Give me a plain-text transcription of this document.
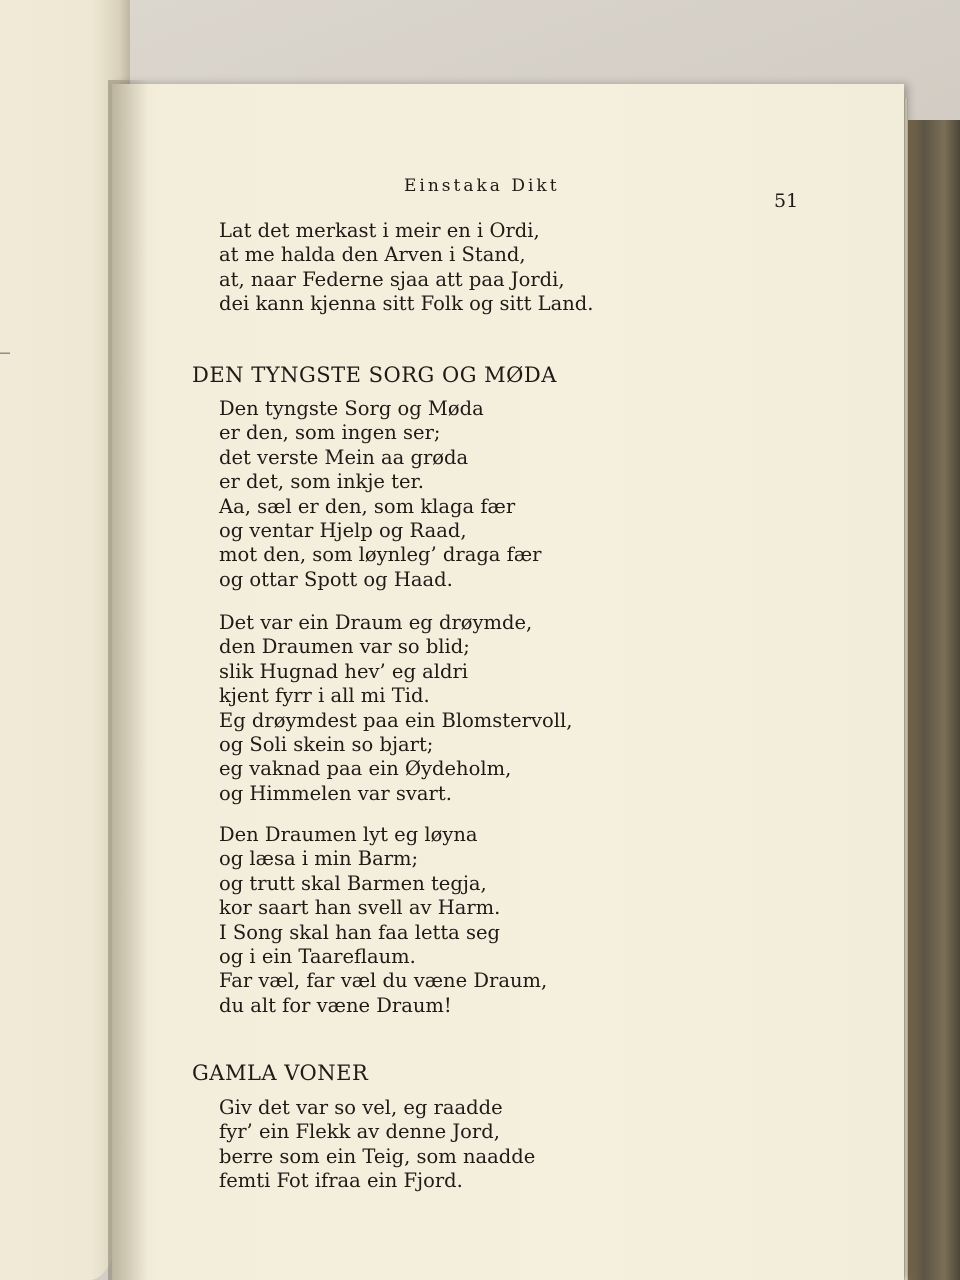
_
Einstaka Dikt
51
Lat det merkast i meir en i Ordi,
at me halda den Arven i Stand,
at, naar Federne sjaa att paa Jordi,
dei kann kjenna sitt Folk og sitt Land.
DEN TYNGSTE SORG OG MØDA
Den tyngste Sorg og Møda
er den, som ingen ser;
det verste Mein aa grøda
er det, som inkje ter.
Aa, sæl er den, som klaga fær
og ventar Hjelp og Raad,
mot den, som løynleg’ draga fær
og ottar Spott og Haad.
Det var ein Draum eg drøymde,
den Draumen var so blid;
slik Hugnad hev’ eg aldri
kjent fyrr i all mi Tid.
Eg drøymdest paa ein Blomstervoll,
og Soli skein so bjart;
eg vaknad paa ein Øydeholm,
og Himmelen var svart.
Den Draumen lyt eg løyna
og læsa i min Barm;
og trutt skal Barmen tegja,
kor saart han svell av Harm.
I Song skal han faa letta seg
og i ein Taareflaum.
Far væl, far væl du væne Draum,
du alt for væne Draum!
GAMLA VONER
Giv det var so vel, eg raadde
fyr’ ein Flekk av denne Jord,
berre som ein Teig, som naadde
femti Fot ifraa ein Fjord.
